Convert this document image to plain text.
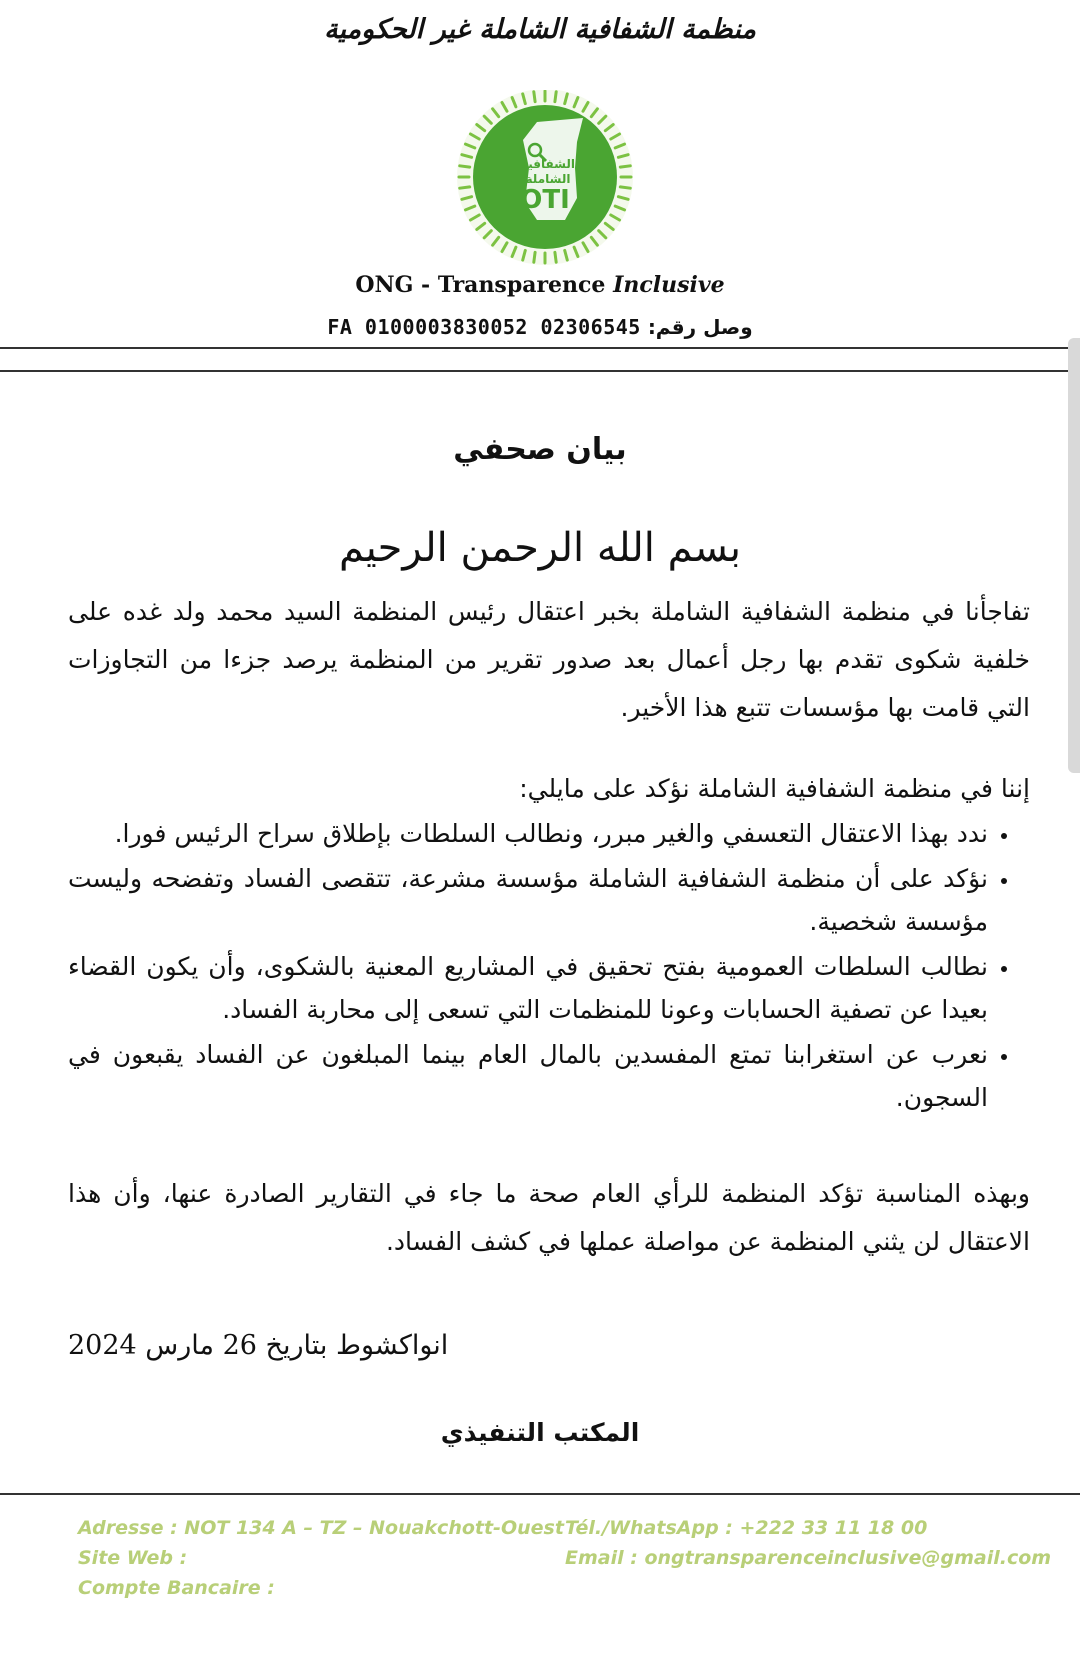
منظمة الشفافية الشاملة غير الحكومية
الشفافية
الشاملة
OTI
ONG - Transparence Inclusive
وصل رقم: FA 0100003830052 02306545
بيان صحفي
بسم الله الرحمن الرحيم

تفاجأنا في منظمة الشفافية الشاملة بخبر اعتقال رئيس المنظمة السيد محمد ولد غده على خلفية شكوى تقدم بها رجل أعمال بعد صدور تقرير من المنظمة يرصد جزءا من التجاوزات التي قامت بها مؤسسات تتبع هذا الأخير.

إننا في منظمة الشفافية الشاملة نؤكد على مايلي:

• ندد بهذا الاعتقال التعسفي والغير مبرر، ونطالب السلطات بإطلاق سراح الرئيس فورا.
• نؤكد على أن منظمة الشفافية الشاملة مؤسسة مشرعة، تتقصى الفساد وتفضحه وليست مؤسسة شخصية.
• نطالب السلطات العمومية بفتح تحقيق في المشاريع المعنية بالشكوى، وأن يكون القضاء بعيدا عن تصفية الحسابات وعونا للمنظمات التي تسعى إلى محاربة الفساد.
• نعرب عن استغرابنا تمتع المفسدين بالمال العام بينما المبلغون عن الفساد يقبعون في السجون.

وبهذه المناسبة تؤكد المنظمة للرأي العام صحة ما جاء في التقارير الصادرة عنها، وأن هذا الاعتقال لن يثني المنظمة عن مواصلة عملها في كشف الفساد.

انواكشوط بتاريخ 26 مارس 2024
المكتب التنفيذي
Adresse : NOT 134 A – TZ – Nouakchott-Ouest Tél./WhatsApp : +222 33 11 18 00
Site Web :	Email : ongtransparenceinclusive@gmail.com
Compte Bancaire :
